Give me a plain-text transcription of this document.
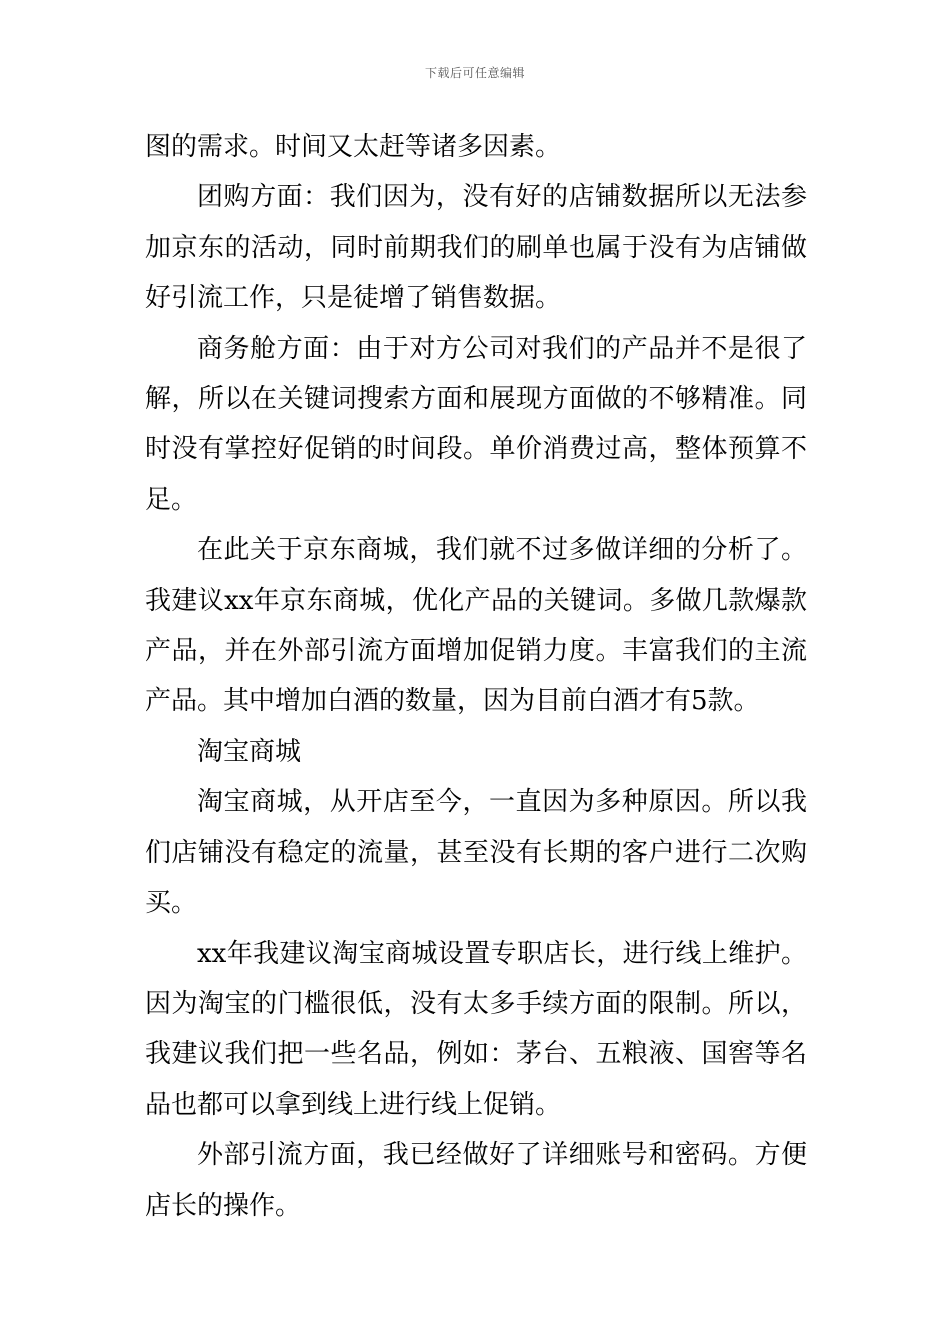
下载后可任意编辑

图的需求。时间又太赶等诸多因素。

团购方面：我们因为，没有好的店铺数据所以无法参加京东的活动，同时前期我们的刷单也属于没有为店铺做好引流工作，只是徒增了销售数据。

商务舱方面：由于对方公司对我们的产品并不是很了解，所以在关键词搜索方面和展现方面做的不够精准。同时没有掌控好促销的时间段。单价消费过高，整体预算不足。

在此关于京东商城，我们就不过多做详细的分析了。我建议xx年京东商城，优化产品的关键词。多做几款爆款产品，并在外部引流方面增加促销力度。丰富我们的主流产品。其中增加白酒的数量，因为目前白酒才有5款。

淘宝商城

淘宝商城，从开店至今，一直因为多种原因。所以我们店铺没有稳定的流量，甚至没有长期的客户进行二次购买。

xx年我建议淘宝商城设置专职店长，进行线上维护。因为淘宝的门槛很低，没有太多手续方面的限制。所以，我建议我们把一些名品，例如：茅台、五粮液、国窖等名品也都可以拿到线上进行线上促销。

外部引流方面，我已经做好了详细账号和密码。方便店长的操作。
